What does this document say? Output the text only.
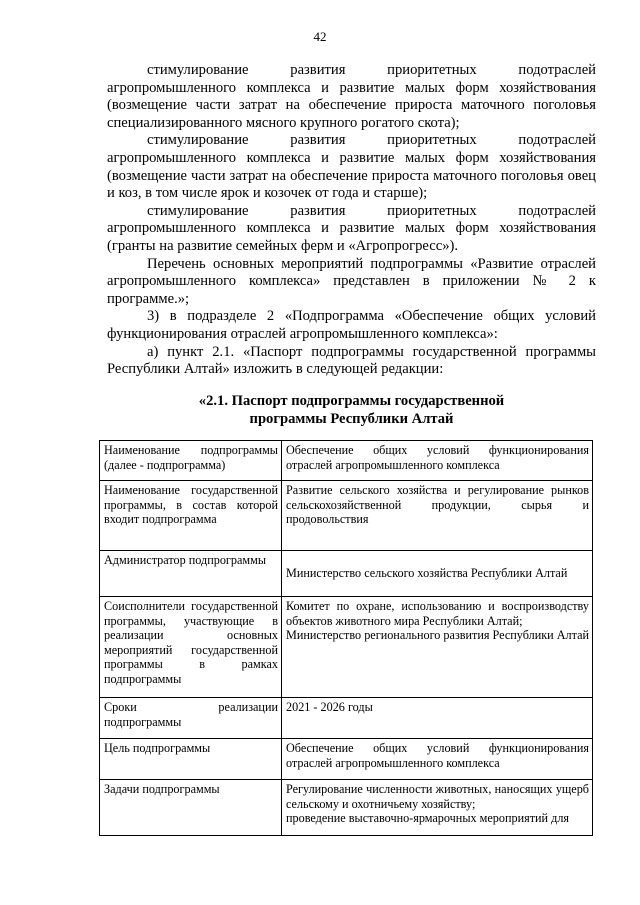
42

стимулирование развития приоритетных подотраслей агропромышленного комплекса и развитие малых форм хозяйствования (возмещение части затрат на обеспечение прироста маточного поголовья специализированного мясного крупного рогатого скота);

стимулирование развития приоритетных подотраслей агропромышленного комплекса и развитие малых форм хозяйствования (возмещение части затрат на обеспечение прироста маточного поголовья овец и коз, в том числе ярок и козочек от года и старше);

стимулирование развития приоритетных подотраслей агропромышленного комплекса и развитие малых форм хозяйствования (гранты на развитие семейных ферм и «Агропрогресс»).

Перечень основных мероприятий подпрограммы «Развитие отраслей агропромышленного комплекса» представлен в приложении № 2 к программе.»;

3) в подразделе 2 «Подпрограмма «Обеспечение общих условий функционирования отраслей агропромышленного комплекса»:

а) пункт 2.1. «Паспорт подпрограммы государственной программы Республики Алтай» изложить в следующей редакции:

«2.1. Паспорт подпрограммы государственной
программы Республики Алтай
Наименование подпрограммы (далее - подпрограмма)	Обеспечение общих условий функционирования отраслей агропромышленного комплекса

Наименование государственной программы, в состав которой входит подпрограмма	Развитие сельского хозяйства и регулирование рынков сельскохозяйственной продукции, сырья и продовольствия

Администратор подпрограммы	Министерство сельского хозяйства Республики Алтай

Соисполнители государственной программы, участвующие в реализации основных мероприятий государственной программы в рамках подпрограммы	Комитет по охране, использованию и воспроизводству объектов животного мира Республики Алтай;
Министерство регионального развития Республики Алтай

Сроки реализации подпрограммы	2021 - 2026 годы

Цель подпрограммы	Обеспечение общих условий функционирования отраслей агропромышленного комплекса

Задачи подпрограммы	Регулирование численности животных, наносящих ущерб сельскому и охотничьему хозяйству;
проведение выставочно-ярмарочных мероприятий для
